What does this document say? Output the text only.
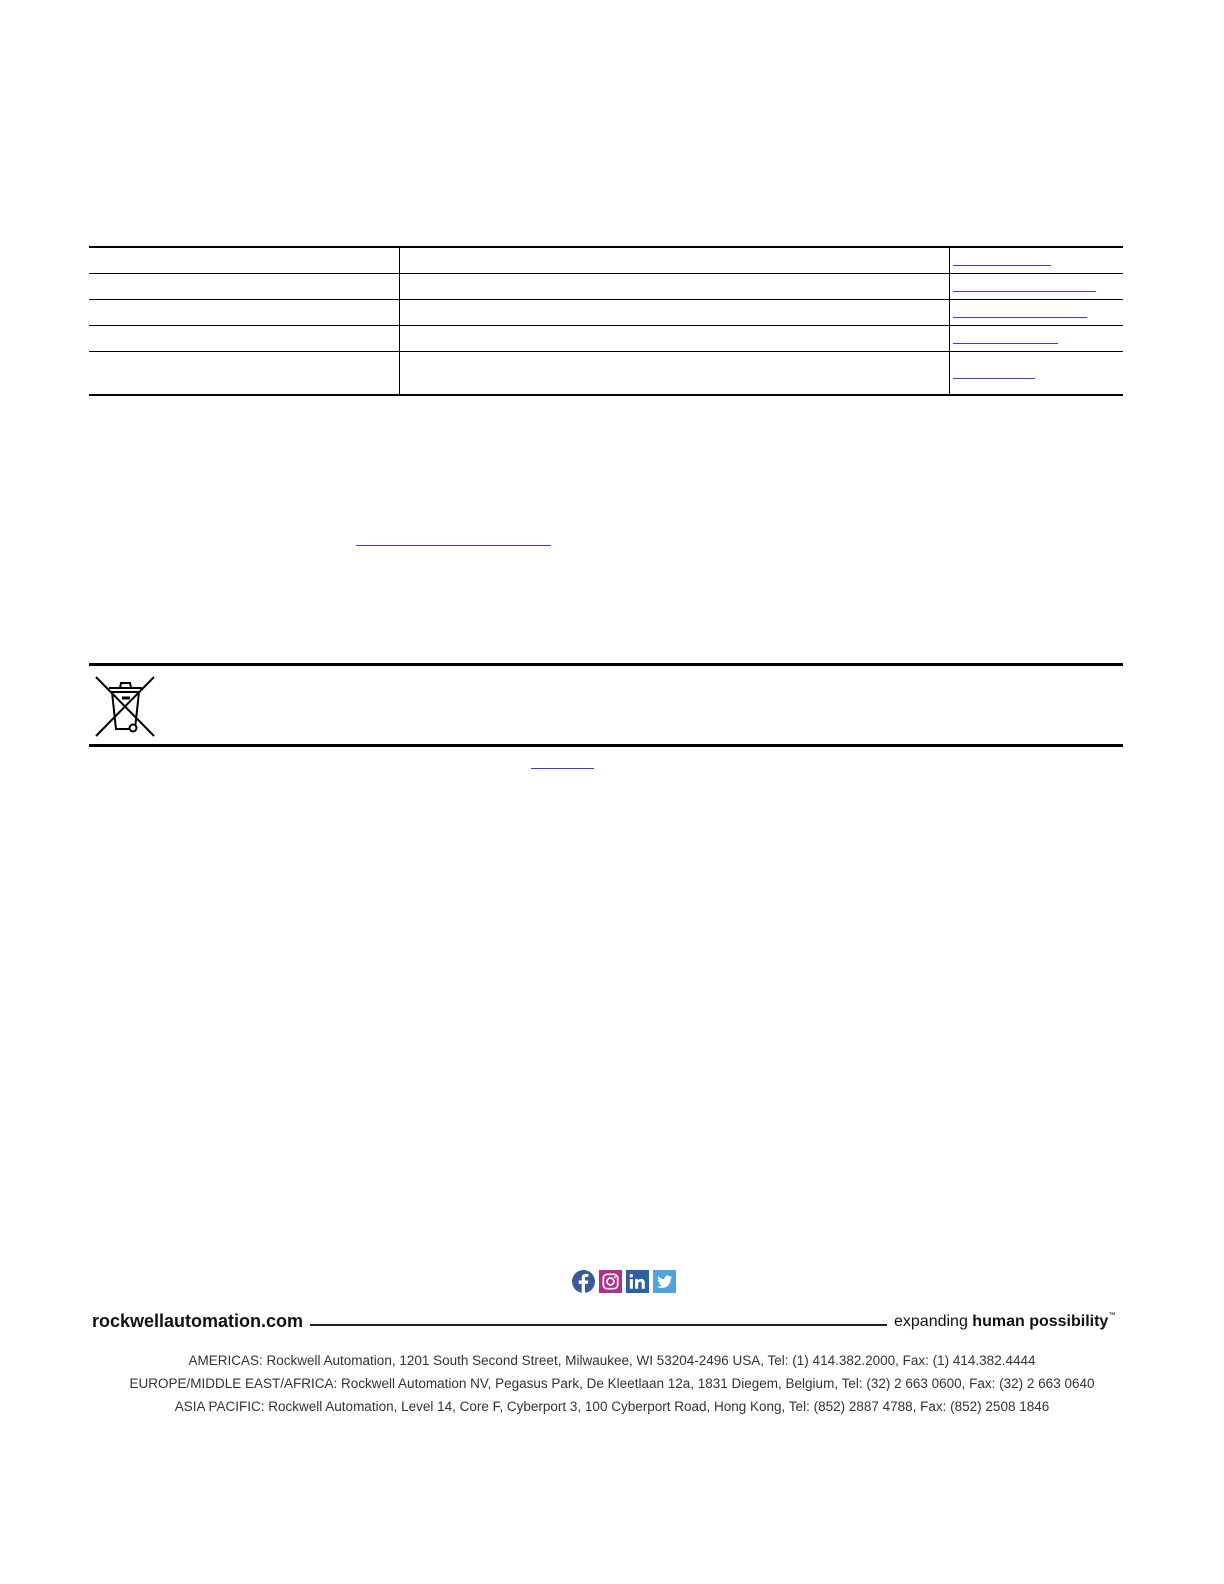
rockwellautomation.com	expanding human possibility™
AMERICAS: Rockwell Automation, 1201 South Second Street, Milwaukee, WI 53204-2496 USA, Tel: (1) 414.382.2000, Fax: (1) 414.382.4444
EUROPE/MIDDLE EAST/AFRICA: Rockwell Automation NV, Pegasus Park, De Kleetlaan 12a, 1831 Diegem, Belgium, Tel: (32) 2 663 0600, Fax: (32) 2 663 0640
ASIA PACIFIC: Rockwell Automation, Level 14, Core F, Cyberport 3, 100 Cyberport Road, Hong Kong, Tel: (852) 2887 4788, Fax: (852) 2508 1846
